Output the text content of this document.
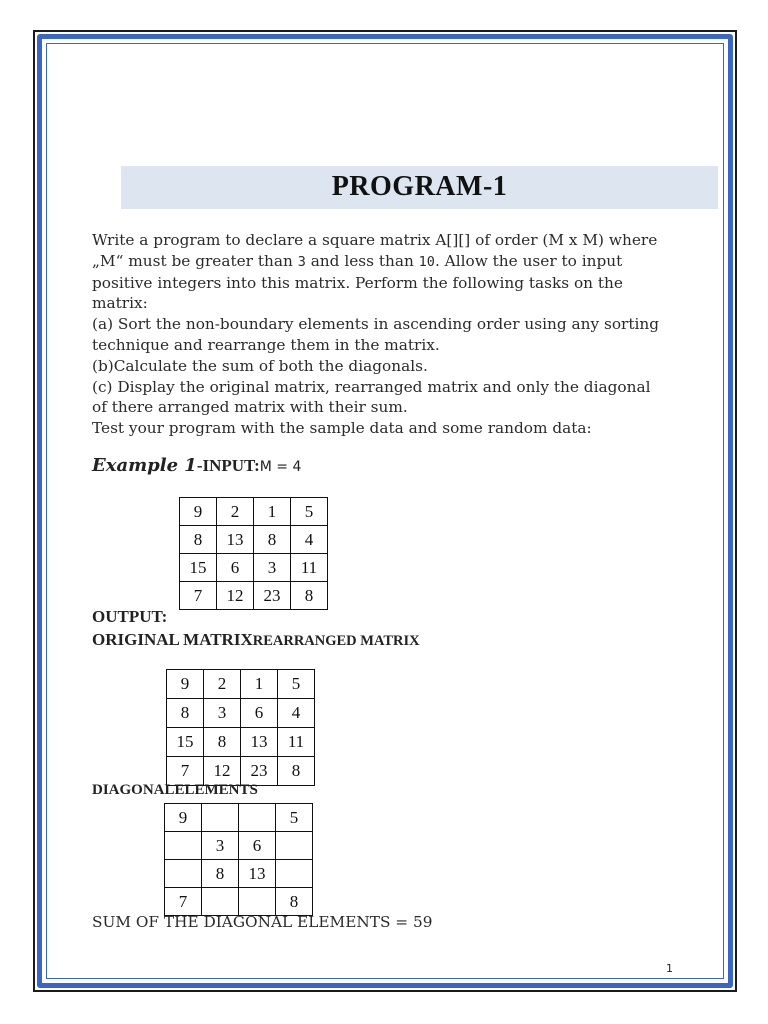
PROGRAM-1
Write a program to declare a square matrix A[][] of order (M x M) where
„M“ must be greater than 3 and less than 10. Allow the user to input
positive integers into this matrix. Perform the following tasks on the
matrix:
(a) Sort the non-boundary elements in ascending order using any sorting
technique and rearrange them in the matrix.
(b)Calculate the sum of both the diagonals.
(c) Display the original matrix, rearranged matrix and only the diagonal
of there arranged matrix with their sum.
Test your program with the sample data and some random data:
Example 1-INPUT:M = 4
9	2	1	5
8	13	8	4
15	6	3	11
7	12	23	8
OUTPUT:
ORIGINAL MATRIXREARRANGED MATRIX
9	2	1	5
8	3	6	4
15	8	13	11
7	12	23	8
DIAGONALELEMENTS
9			5
	3	6	
	8	13	
7			8
SUM OF THE DIAGONAL ELEMENTS = 59
1
